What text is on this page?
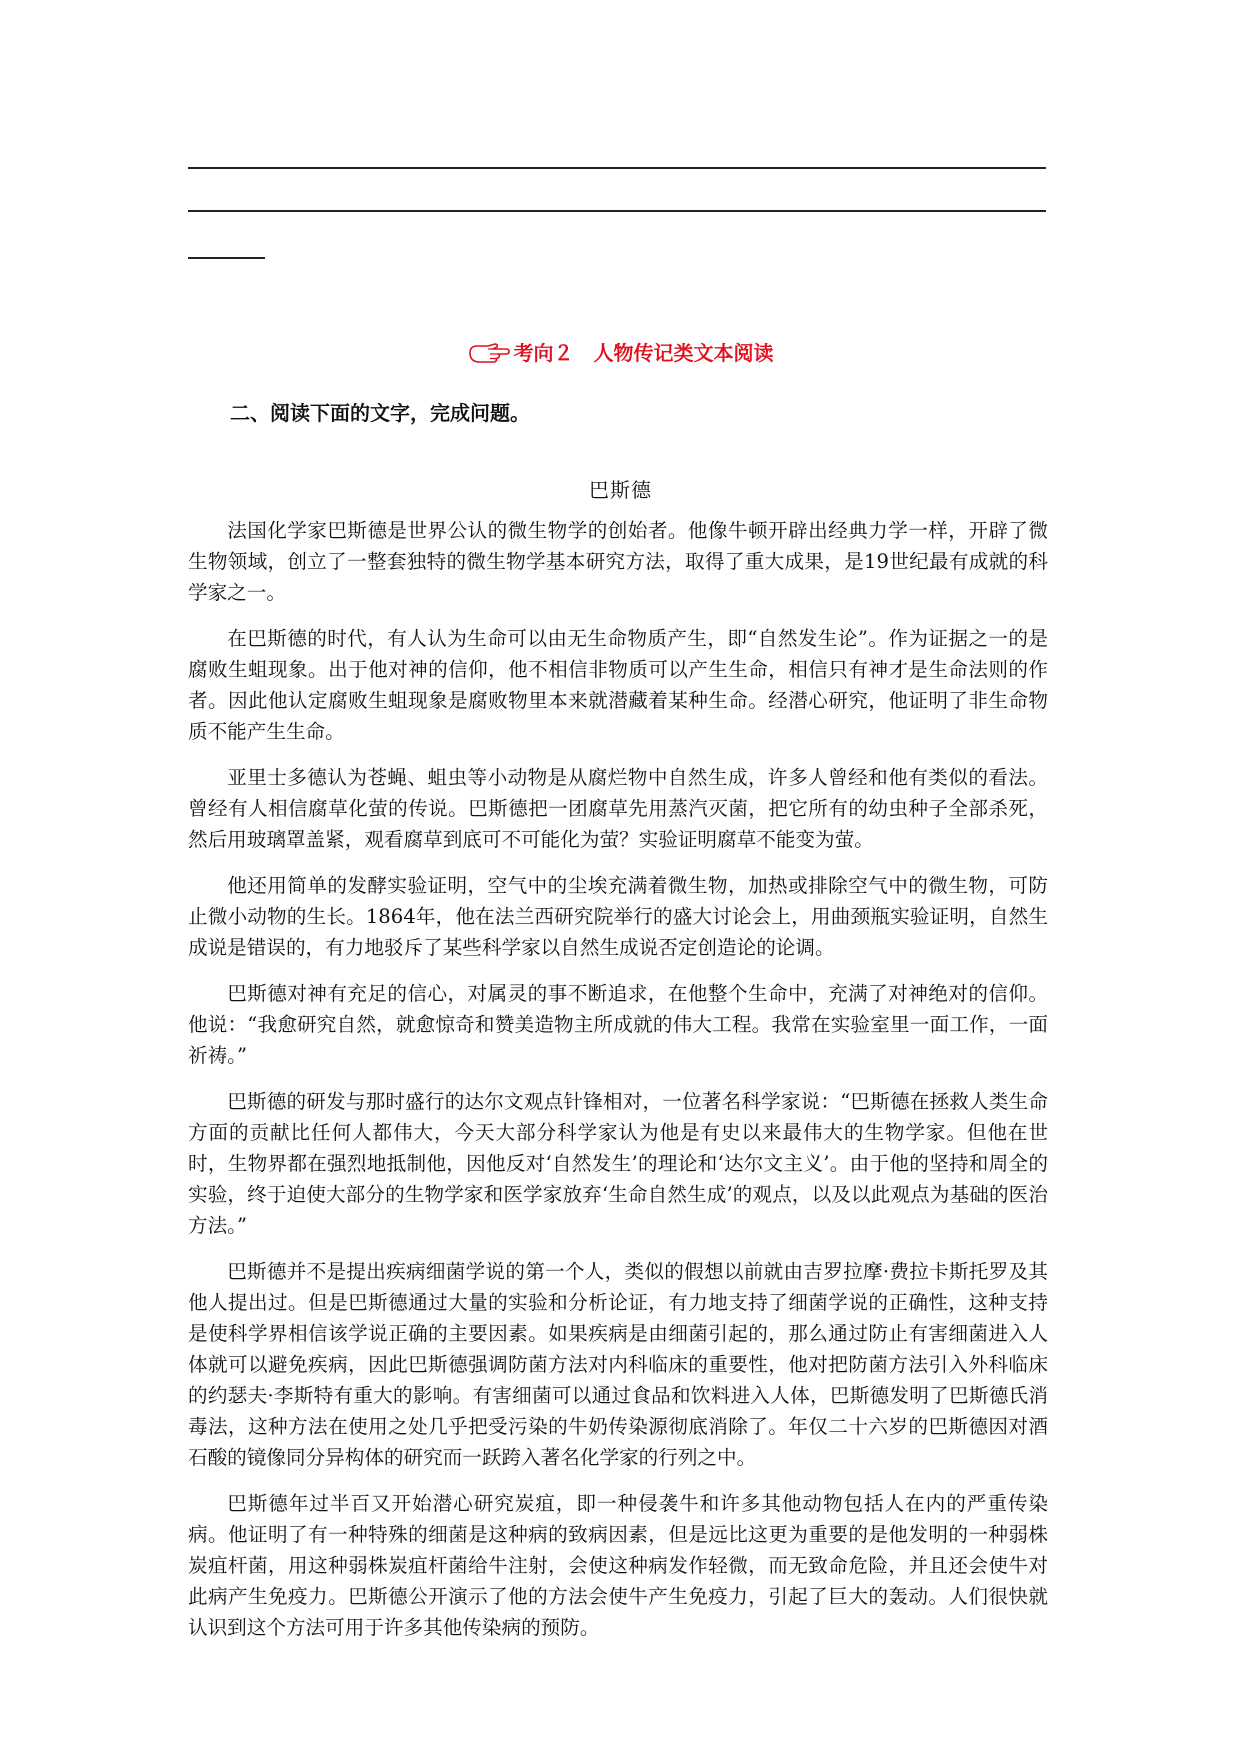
考向２　人物传记类文本阅读
二、阅读下面的文字，完成问题。
巴斯德

法国化学家巴斯德是世界公认的微生物学的创始者。他像牛顿开辟出经典力学一样，开辟了微生物领域，创立了一整套独特的微生物学基本研究方法，取得了重大成果，是19世纪最有成就的科学家之一。

在巴斯德的时代，有人认为生命可以由无生命物质产生，即“自然发生论”。作为证据之一的是腐败生蛆现象。出于他对神的信仰，他不相信非物质可以产生生命，相信只有神才是生命法则的作者。因此他认定腐败生蛆现象是腐败物里本来就潜藏着某种生命。经潜心研究，他证明了非生命物质不能产生生命。

亚里士多德认为苍蝇、蛆虫等小动物是从腐烂物中自然生成，许多人曾经和他有类似的看法。曾经有人相信腐草化萤的传说。巴斯德把一团腐草先用蒸汽灭菌，把它所有的幼虫种子全部杀死，然后用玻璃罩盖紧，观看腐草到底可不可能化为萤？实验证明腐草不能变为萤。

他还用简单的发酵实验证明，空气中的尘埃充满着微生物，加热或排除空气中的微生物，可防止微小动物的生长。1864年，他在法兰西研究院举行的盛大讨论会上，用曲颈瓶实验证明，自然生成说是错误的，有力地驳斥了某些科学家以自然生成说否定创造论的论调。

巴斯德对神有充足的信心，对属灵的事不断追求，在他整个生命中，充满了对神绝对的信仰。他说：“我愈研究自然，就愈惊奇和赞美造物主所成就的伟大工程。我常在实验室里一面工作，一面祈祷。”

巴斯德的研发与那时盛行的达尔文观点针锋相对，一位著名科学家说：“巴斯德在拯救人类生命方面的贡献比任何人都伟大，今天大部分科学家认为他是有史以来最伟大的生物学家。但他在世时，生物界都在强烈地抵制他，因他反对‘自然发生’的理论和‘达尔文主义’。由于他的坚持和周全的实验，终于迫使大部分的生物学家和医学家放弃‘生命自然生成’的观点，以及以此观点为基础的医治方法。”

巴斯德并不是提出疾病细菌学说的第一个人，类似的假想以前就由吉罗拉摩·费拉卡斯托罗及其他人提出过。但是巴斯德通过大量的实验和分析论证，有力地支持了细菌学说的正确性，这种支持是使科学界相信该学说正确的主要因素。如果疾病是由细菌引起的，那么通过防止有害细菌进入人体就可以避免疾病，因此巴斯德强调防菌方法对内科临床的重要性，他对把防菌方法引入外科临床的约瑟夫·李斯特有重大的影响。有害细菌可以通过食品和饮料进入人体，巴斯德发明了巴斯德氏消毒法，这种方法在使用之处几乎把受污染的牛奶传染源彻底消除了。年仅二十六岁的巴斯德因对酒石酸的镜像同分异构体的研究而一跃跨入著名化学家的行列之中。

巴斯德年过半百又开始潜心研究炭疽，即一种侵袭牛和许多其他动物包括人在内的严重传染病。他证明了有一种特殊的细菌是这种病的致病因素，但是远比这更为重要的是他发明的一种弱株炭疽杆菌，用这种弱株炭疽杆菌给牛注射，会使这种病发作轻微，而无致命危险，并且还会使牛对此病产生免疫力。巴斯德公开演示了他的方法会使牛产生免疫力，引起了巨大的轰动。人们很快就认识到这个方法可用于许多其他传染病的预防。
